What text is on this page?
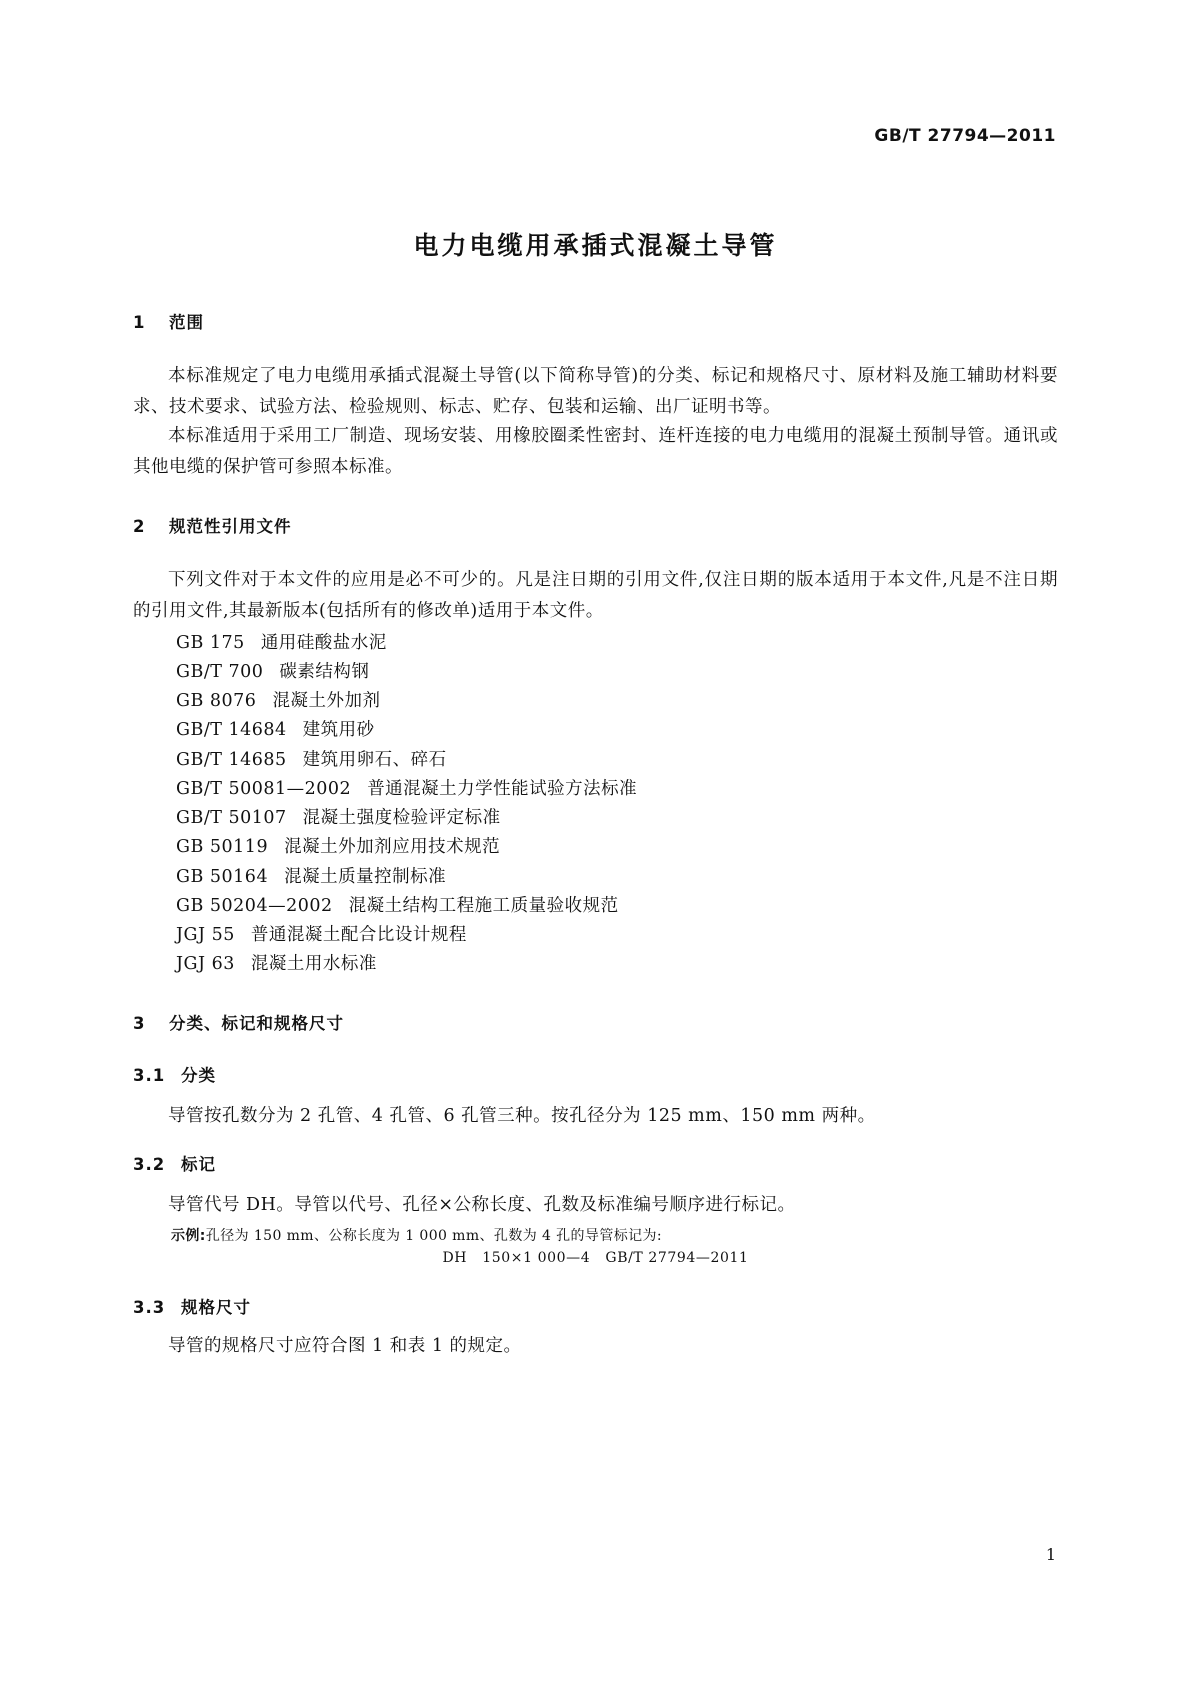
GB/T 27794—2011
电力电缆用承插式混凝土导管
1 范围

本标准规定了电力电缆用承插式混凝土导管(以下简称导管)的分类、标记和规格尺寸、原材料及施工辅助材料要求、技术要求、试验方法、检验规则、标志、贮存、包装和运输、出厂证明书等。

本标准适用于采用工厂制造、现场安装、用橡胶圈柔性密封、连杆连接的电力电缆用的混凝土预制导管。通讯或其他电缆的保护管可参照本标准。

2 规范性引用文件

下列文件对于本文件的应用是必不可少的。凡是注日期的引用文件,仅注日期的版本适用于本文件,凡是不注日期的引用文件,其最新版本(包括所有的修改单)适用于本文件。

GB 175 通用硅酸盐水泥
GB/T 700 碳素结构钢
GB 8076 混凝土外加剂
GB/T 14684 建筑用砂
GB/T 14685 建筑用卵石、碎石
GB/T 50081—2002 普通混凝土力学性能试验方法标准
GB/T 50107 混凝土强度检验评定标准
GB 50119 混凝土外加剂应用技术规范
GB 50164 混凝土质量控制标准
GB 50204—2002 混凝土结构工程施工质量验收规范
JGJ 55 普通混凝土配合比设计规程
JGJ 63 混凝土用水标准
3 分类、标记和规格尺寸
3.1 分类

导管按孔数分为 2 孔管、4 孔管、6 孔管三种。按孔径分为 125 mm、150 mm 两种。

3.2 标记

导管代号 DH。导管以代号、孔径×公称长度、孔数及标准编号顺序进行标记。

示例:孔径为 150 mm、公称长度为 1 000 mm、孔数为 4 孔的导管标记为:
DH   150×1 000—4   GB/T 27794—2011
3.3 规格尺寸

导管的规格尺寸应符合图 1 和表 1 的规定。

1
